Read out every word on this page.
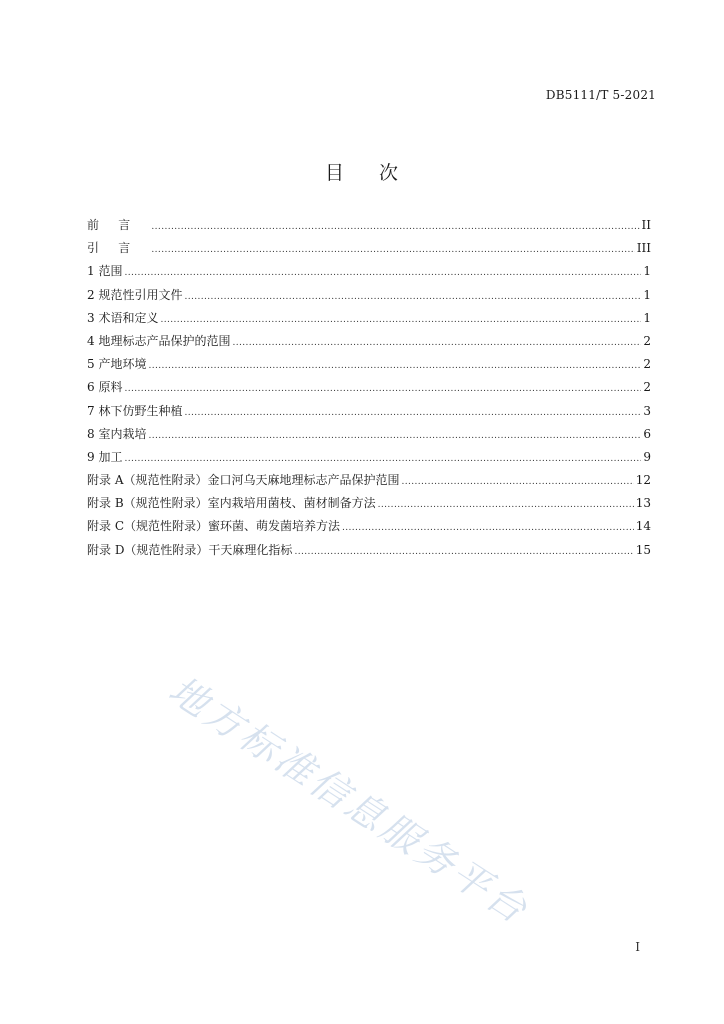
DB5111/T 5-2021
目 次
前言 .....	II
引言 .....	III
1 范围 .....	1
2 规范性引用文件 .....	1
3 术语和定义 .....	1
4 地理标志产品保护的范围 .....	2
5 产地环境 .....	2
6 原料 .....	2
7 林下仿野生种植 .....	3
8 室内栽培 .....	6
9 加工 .....	9
附录 A（规范性附录）金口河乌天麻地理标志产品保护范围 .....	12
附录 B（规范性附录）室内栽培用菌枝、菌材制备方法 .....	13
附录 C（规范性附录）蜜环菌、萌发菌培养方法 .....	14
附录 D（规范性附录）干天麻理化指标 .....	15
地方标准信息服务平台
I
